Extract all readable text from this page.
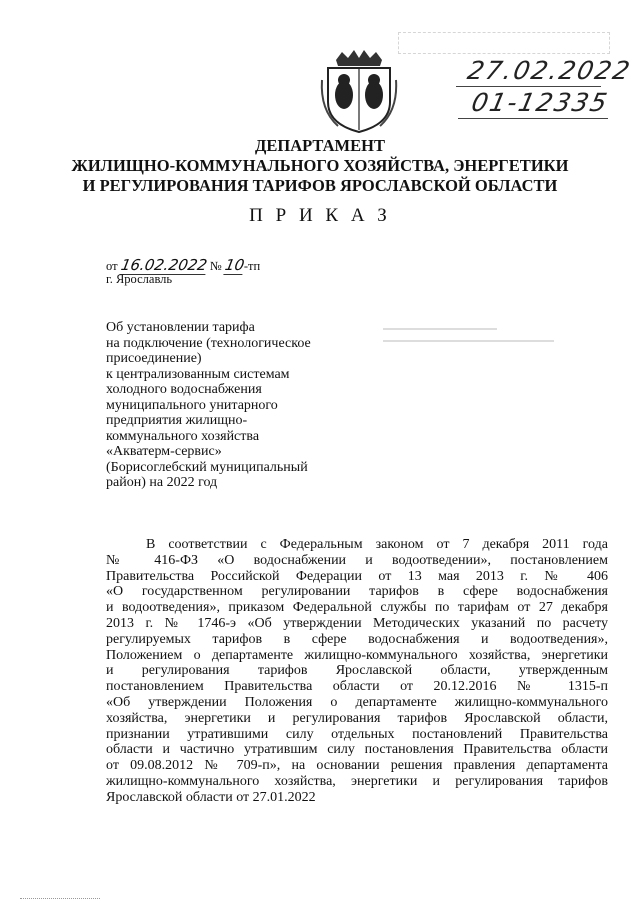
27.02.2022
01-12335
ДЕПАРТАМЕНТ
ЖИЛИЩНО-КОММУНАЛЬНОГО ХОЗЯЙСТВА, ЭНЕРГЕТИКИ
И РЕГУЛИРОВАНИЯ ТАРИФОВ ЯРОСЛАВСКОЙ ОБЛАСТИ
П Р И К А З
от 16.02.2022 № 10-тп
г. Ярославль
Об установлении тарифа
на подключение (технологическое
присоединение)
к централизованным системам
холодного водоснабжения
муниципального унитарного
предприятия жилищно-
коммунального хозяйства
«Акватерм-сервис»
(Борисоглебский муниципальный
район) на 2022 год
В соответствии с Федеральным законом от 7 декабря 2011 года
№ 416-ФЗ «О водоснабжении и водоотведении», постановлением
Правительства Российской Федерации от 13 мая 2013 г. № 406
«О государственном регулировании тарифов в сфере водоснабжения
и водоотведения», приказом Федеральной службы по тарифам от 27 декабря
2013 г. № 1746-э «Об утверждении Методических указаний по расчету
регулируемых тарифов в сфере водоснабжения и водоотведения»,
Положением о департаменте жилищно-коммунального хозяйства, энергетики
и регулирования тарифов Ярославской области, утвержденным
постановлением Правительства области от 20.12.2016 № 1315-п
«Об утверждении Положения о департаменте жилищно-коммунального
хозяйства, энергетики и регулирования тарифов Ярославской области,
признании утратившими силу отдельных постановлений Правительства
области и частично утратившим силу постановления Правительства области
от 09.08.2012 № 709-п», на основании решения правления департамента
жилищно-коммунального хозяйства, энергетики и регулирования тарифов
Ярославской области от 27.01.2022
